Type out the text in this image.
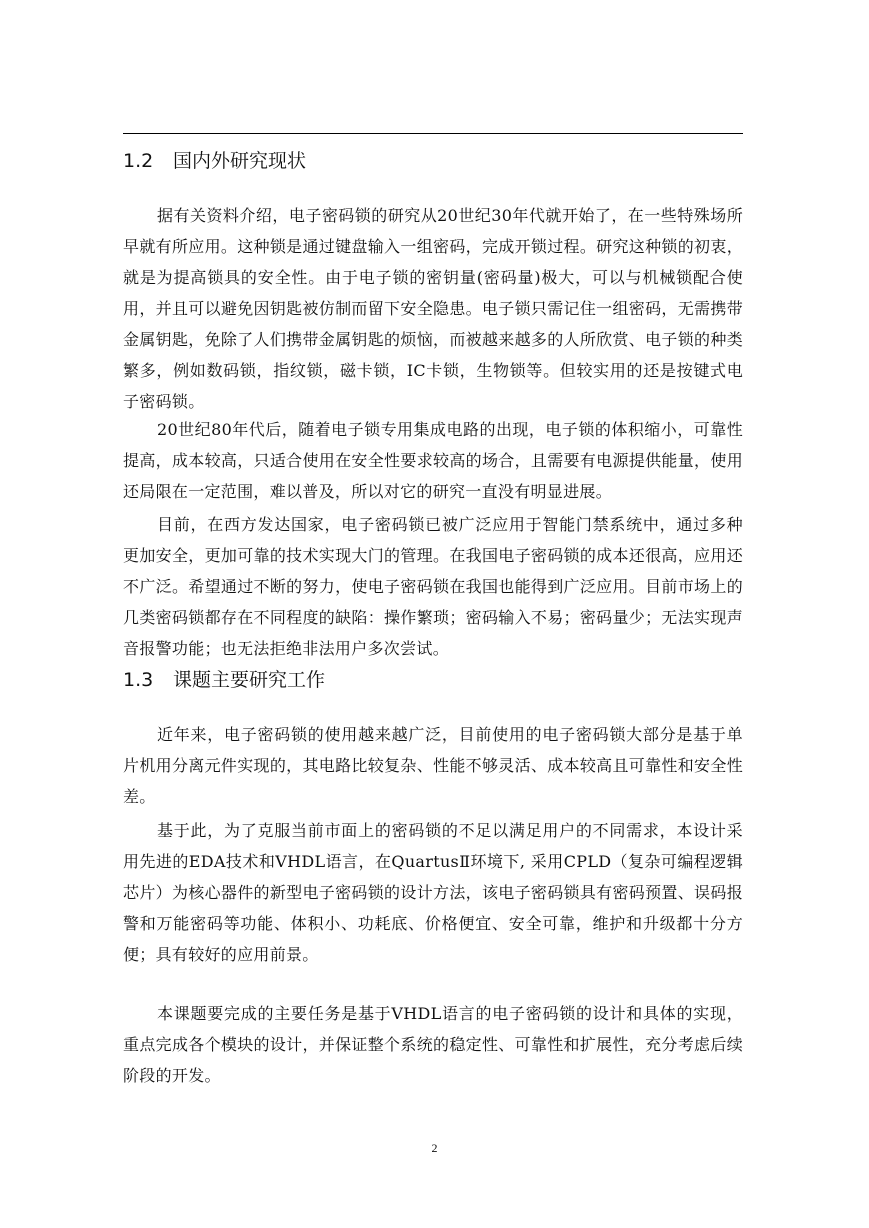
1.2 国内外研究现状

据有关资料介绍，电子密码锁的研究从20世纪30年代就开始了，在一些特殊场所早就有所应用。这种锁是通过键盘输入一组密码，完成开锁过程。研究这种锁的初衷，就是为提高锁具的安全性。由于电子锁的密钥量(密码量)极大，可以与机械锁配合使用，并且可以避免因钥匙被仿制而留下安全隐患。电子锁只需记住一组密码，无需携带金属钥匙，免除了人们携带金属钥匙的烦恼，而被越来越多的人所欣赏、电子锁的种类繁多，例如数码锁，指纹锁，磁卡锁，IC卡锁，生物锁等。但较实用的还是按键式电子密码锁。

20世纪80年代后，随着电子锁专用集成电路的出现，电子锁的体积缩小，可靠性提高，成本较高，只适合使用在安全性要求较高的场合，且需要有电源提供能量，使用还局限在一定范围，难以普及，所以对它的研究一直没有明显进展。

目前，在西方发达国家，电子密码锁已被广泛应用于智能门禁系统中，通过多种更加安全，更加可靠的技术实现大门的管理。在我国电子密码锁的成本还很高，应用还不广泛。希望通过不断的努力，使电子密码锁在我国也能得到广泛应用。目前市场上的几类密码锁都存在不同程度的缺陷：操作繁琐；密码输入不易；密码量少；无法实现声音报警功能；也无法拒绝非法用户多次尝试。

1.3 课题主要研究工作

近年来，电子密码锁的使用越来越广泛，目前使用的电子密码锁大部分是基于单片机用分离元件实现的，其电路比较复杂、性能不够灵活、成本较高且可靠性和安全性差。

基于此，为了克服当前市面上的密码锁的不足以满足用户的不同需求，本设计采用先进的EDA技术和VHDL语言，在QuartusⅡ环境下, 采用CPLD（复杂可编程逻辑芯片）为核心器件的新型电子密码锁的设计方法，该电子密码锁具有密码预置、误码报警和万能密码等功能、体积小、功耗底、价格便宜、安全可靠，维护和升级都十分方便；具有较好的应用前景。

本课题要完成的主要任务是基于VHDL语言的电子密码锁的设计和具体的实现，重点完成各个模块的设计，并保证整个系统的稳定性、可靠性和扩展性，充分考虑后续阶段的开发。

2
